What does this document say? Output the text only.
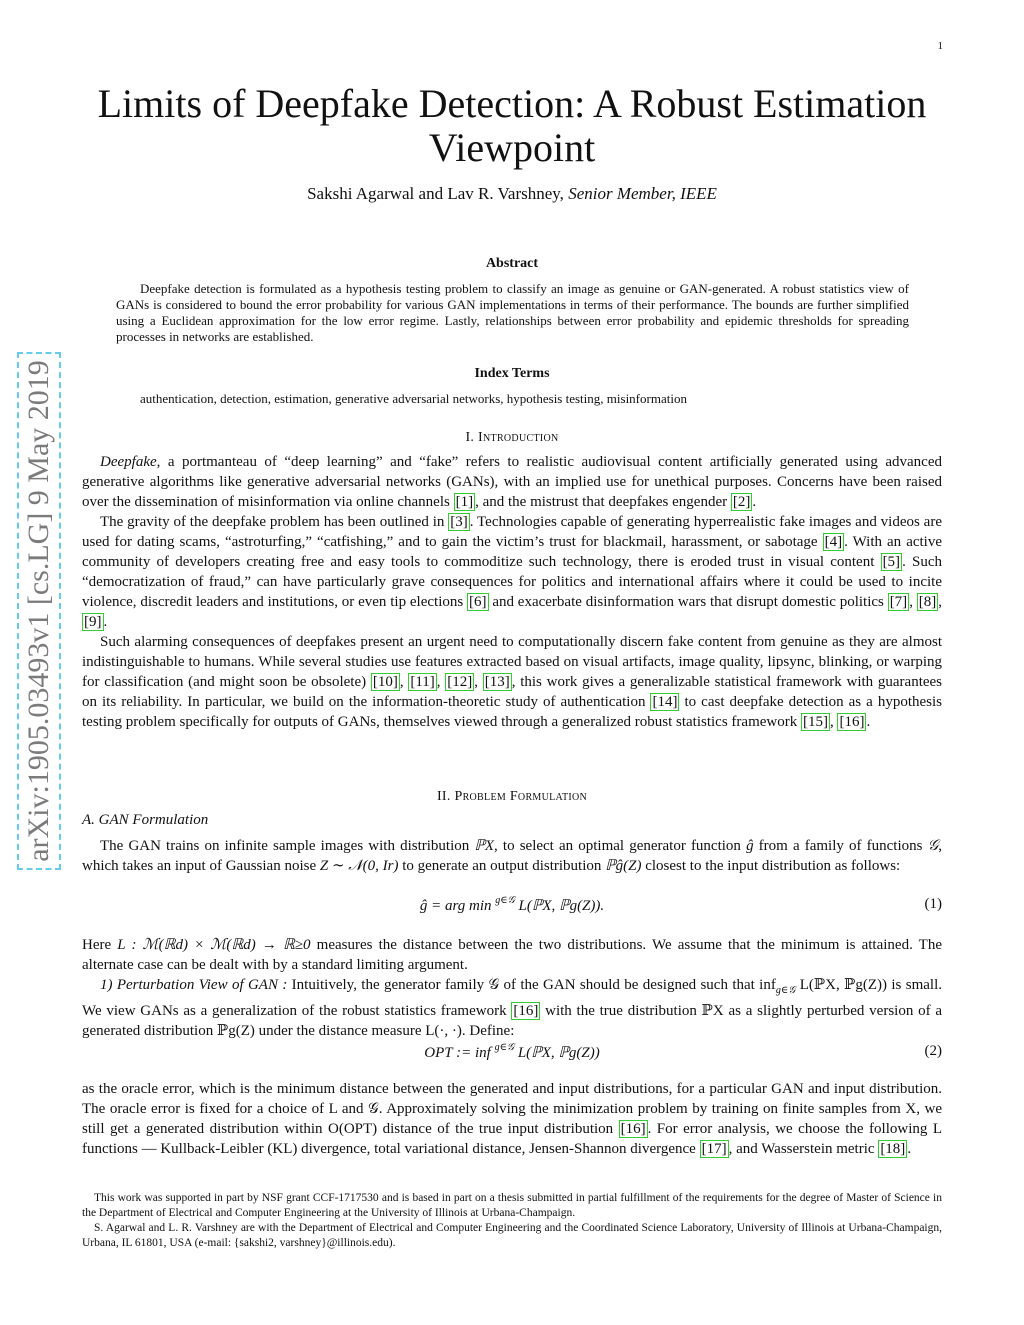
1
arXiv:1905.03493v1 [cs.LG] 9 May 2019
Limits of Deepfake Detection: A Robust Estimation Viewpoint
Sakshi Agarwal and Lav R. Varshney, Senior Member, IEEE
Abstract
Deepfake detection is formulated as a hypothesis testing problem to classify an image as genuine or GAN-generated. A robust statistics view of GANs is considered to bound the error probability for various GAN implementations in terms of their performance. The bounds are further simplified using a Euclidean approximation for the low error regime. Lastly, relationships between error probability and epidemic thresholds for spreading processes in networks are established.
Index Terms
authentication, detection, estimation, generative adversarial networks, hypothesis testing, misinformation
I. Introduction

Deepfake, a portmanteau of “deep learning” and “fake” refers to realistic audiovisual content artificially generated using advanced generative algorithms like generative adversarial networks (GANs), with an implied use for unethical purposes. Concerns have been raised over the dissemination of misinformation via online channels [1] , and the mistrust that deepfakes engender [2] .

The gravity of the deepfake problem has been outlined in [3] . Technologies capable of generating hyperrealistic fake images and videos are used for dating scams, “astroturfing,” “catfishing,” and to gain the victim’s trust for blackmail, harassment, or sabotage [4] . With an active community of developers creating free and easy tools to commoditize such technology, there is eroded trust in visual content [5] . Such “democratization of fraud,” can have particularly grave consequences for politics and international affairs where it could be used to incite violence, discredit leaders and institutions, or even tip elections [6] and exacerbate disinformation wars that disrupt domestic politics [7] , [8] , [9] .

Such alarming consequences of deepfakes present an urgent need to computationally discern fake content from genuine as they are almost indistinguishable to humans. While several studies use features extracted based on visual artifacts, image quality, lipsync, blinking, or warping for classification (and might soon be obsolete) [10] , [11] , [12] , [13] , this work gives a generalizable statistical framework with guarantees on its reliability. In particular, we build on the information-theoretic study of authentication [14] to cast deepfake detection as a hypothesis testing problem specifically for outputs of GANs, themselves viewed through a generalized robust statistics framework [15] , [16] .

II. Problem Formulation
A. GAN Formulation

The GAN trains on infinite sample images with distribution ℙX, to select an optimal generator function ĝ from a family of functions 𝒢, which takes an input of Gaussian noise Z ∼ 𝒩(0, Ir) to generate an output distribution ℙĝ(Z) closest to the input distribution as follows:

ĝ = arg min g∈𝒢 L(ℙX, ℙg(Z)).	(1)

Here L : ℳ(ℝd) × ℳ(ℝd) → ℝ≥0 measures the distance between the two distributions. We assume that the minimum is attained. The alternate case can be dealt with by a standard limiting argument.

1) Perturbation View of GAN : Intuitively, the generator family 𝒢 of the GAN should be designed such that inf$_{g\in 𝒢}$ L(ℙX, ℙg(Z)) is small. We view GANs as a generalization of the robust statistics framework [16] with the true distribution ℙX as a slightly perturbed version of a generated distribution ℙg(Z) under the distance measure L(·, ·). Define:

OPT := inf g∈𝒢 L(ℙX, ℙg(Z))	(2)

as the oracle error, which is the minimum distance between the generated and input distributions, for a particular GAN and input distribution. The oracle error is fixed for a choice of L and 𝒢. Approximately solving the minimization problem by training on finite samples from X, we still get a generated distribution within O(OPT) distance of the true input distribution [16] . For error analysis, we choose the following L functions — Kullback-Leibler (KL) divergence, total variational distance, Jensen-Shannon divergence [17] , and Wasserstein metric [18] .

This work was supported in part by NSF grant CCF-1717530 and is based in part on a thesis submitted in partial fulfillment of the requirements for the degree of Master of Science in the Department of Electrical and Computer Engineering at the University of Illinois at Urbana-Champaign.

S. Agarwal and L. R. Varshney are with the Department of Electrical and Computer Engineering and the Coordinated Science Laboratory, University of Illinois at Urbana-Champaign, Urbana, IL 61801, USA (e-mail: {sakshi2, varshney}@illinois.edu).
